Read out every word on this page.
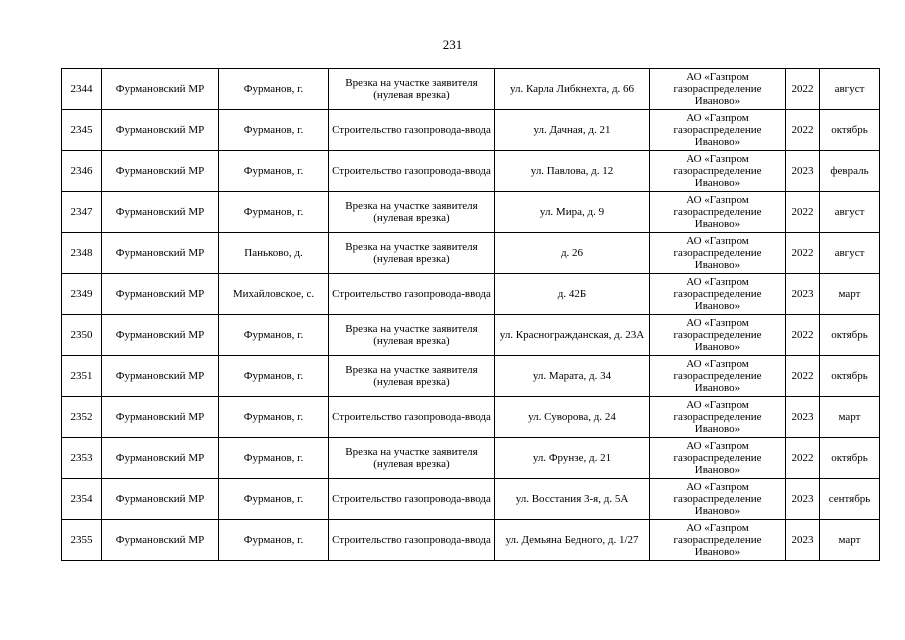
231
2344	Фурмановский МР	Фурманов, г.	Врезка на участке заявителя (нулевая врезка)	ул. Карла Либкнехта, д. 66	АО «Газпром газораспределение Иваново»	2022	август
2345	Фурмановский МР	Фурманов, г.	Строительство газопровода-ввода	ул. Дачная, д. 21	АО «Газпром газораспределение Иваново»	2022	октябрь
2346	Фурмановский МР	Фурманов, г.	Строительство газопровода-ввода	ул. Павлова, д. 12	АО «Газпром газораспределение Иваново»	2023	февраль
2347	Фурмановский МР	Фурманов, г.	Врезка на участке заявителя (нулевая врезка)	ул. Мира, д. 9	АО «Газпром газораспределение Иваново»	2022	август
2348	Фурмановский МР	Паньково, д.	Врезка на участке заявителя (нулевая врезка)	д. 26	АО «Газпром газораспределение Иваново»	2022	август
2349	Фурмановский МР	Михайловское, с.	Строительство газопровода-ввода	д. 42Б	АО «Газпром газораспределение Иваново»	2023	март
2350	Фурмановский МР	Фурманов, г.	Врезка на участке заявителя (нулевая врезка)	ул. Красногражданская, д. 23А	АО «Газпром газораспределение Иваново»	2022	октябрь
2351	Фурмановский МР	Фурманов, г.	Врезка на участке заявителя (нулевая врезка)	ул. Марата, д. 34	АО «Газпром газораспределение Иваново»	2022	октябрь
2352	Фурмановский МР	Фурманов, г.	Строительство газопровода-ввода	ул. Суворова, д. 24	АО «Газпром газораспределение Иваново»	2023	март
2353	Фурмановский МР	Фурманов, г.	Врезка на участке заявителя (нулевая врезка)	ул. Фрунзе, д. 21	АО «Газпром газораспределение Иваново»	2022	октябрь
2354	Фурмановский МР	Фурманов, г.	Строительство газопровода-ввода	ул. Восстания 3-я, д. 5А	АО «Газпром газораспределение Иваново»	2023	сентябрь
2355	Фурмановский МР	Фурманов, г.	Строительство газопровода-ввода	ул. Демьяна Бедного, д. 1/27	АО «Газпром газораспределение Иваново»	2023	март
